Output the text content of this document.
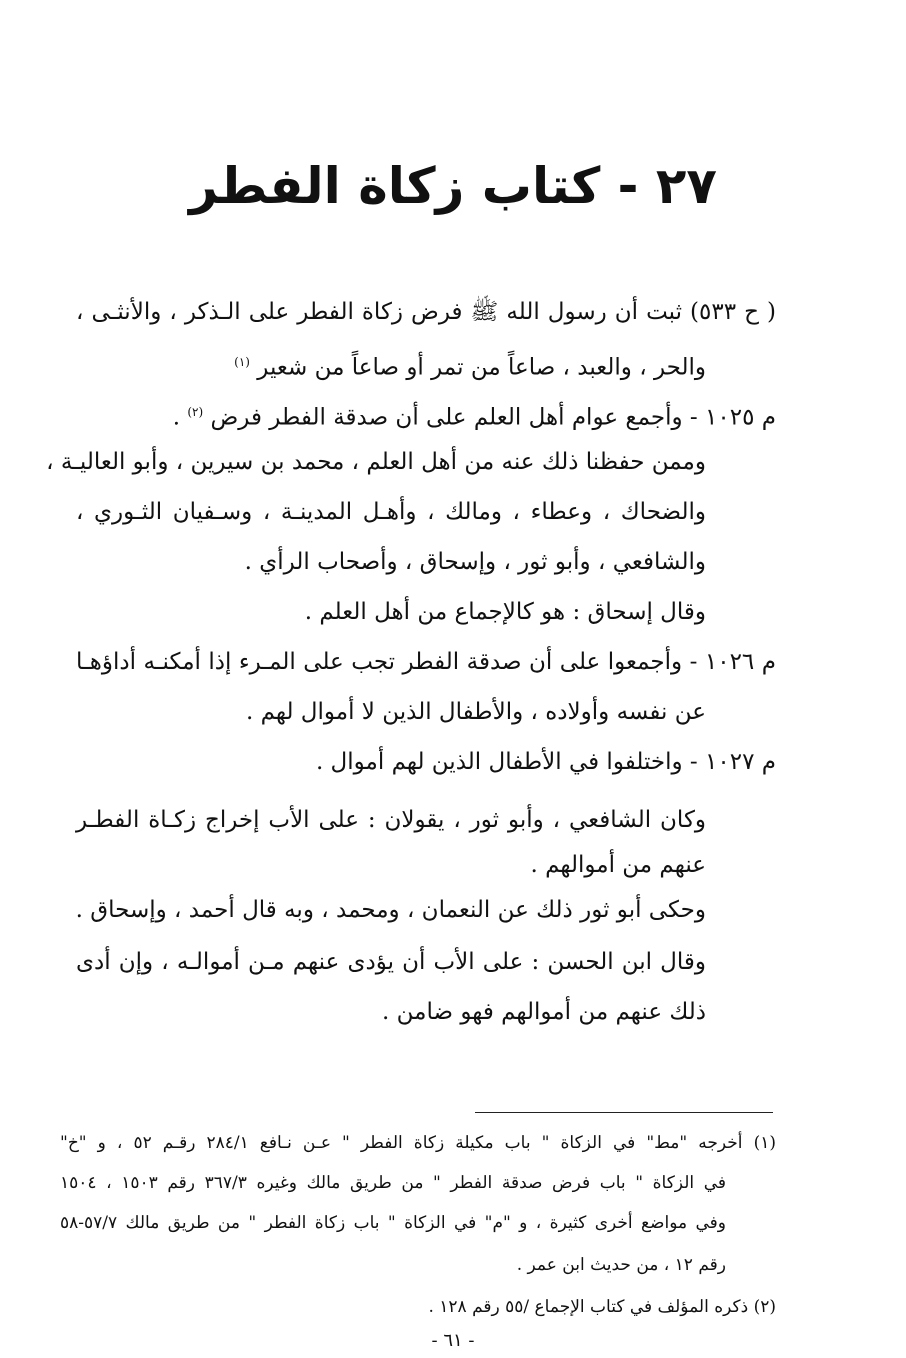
٢٧ - كتاب زكاة الفطر
( ح ٥٣٣) ثبت أن رسول الله ﷺ فرض زكاة الفطر على الـذكر ، والأنثـى ،
والحر ، والعبد ، صاعاً من تمر أو صاعاً من شعير $^{(١)}$
م ١٠٢٥ - وأجمع عوام أهل العلم على أن صدقة الفطر فرض $^{(٢)}$ .
وممن حفظنا ذلك عنه من أهل العلم ، محمد بن سيرين ، وأبو العاليـة ،
والضحاك ، وعطاء ، ومالك ، وأهـل المدينـة ، وسـفيان الثـوري ،
والشافعي ، وأبو ثور ، وإسحاق ، وأصحاب الرأي .
وقال إسحاق : هو كالإجماع من أهل العلم .
م ١٠٢٦ - وأجمعوا على أن صدقة الفطر تجب على المـرء إذا أمكنـه أداؤهـا
عن نفسه وأولاده ، والأطفال الذين لا أموال لهم .
م ١٠٢٧ - واختلفوا في الأطفال الذين لهم أموال .
وكان الشافعي ، وأبو ثور ، يقولان : على الأب إخراج زكـاة الفطـر
عنهم من أموالهم .
وحكى أبو ثور ذلك عن النعمان ، ومحمد ، وبه قال أحمد ، وإسحاق .
وقال ابن الحسن : على الأب أن يؤدى عنهم مـن أموالـه ، وإن أدى
ذلك عنهم من أموالهم فهو ضامن .
(١) أخرجه "مط" في الزكاة " باب مكيلة زكاة الفطر " عـن نـافع ٢٨٤/١ رقـم ٥٢ ، و "خ"
في الزكاة " باب فرض صدقة الفطر " من طريق مالك وغيره ٣٦٧/٣ رقم ١٥٠٣ ، ١٥٠٤
وفي مواضع أخرى كثيرة ، و "م" في الزكاة " باب زكاة الفطر " من طريق مالك ٥٧/٧-٥٨
رقم ١٢ ، من حديث ابن عمر .
(٢) ذكره المؤلف في كتاب الإجماع /٥٥ رقم ١٢٨ .
- ٦١ -
